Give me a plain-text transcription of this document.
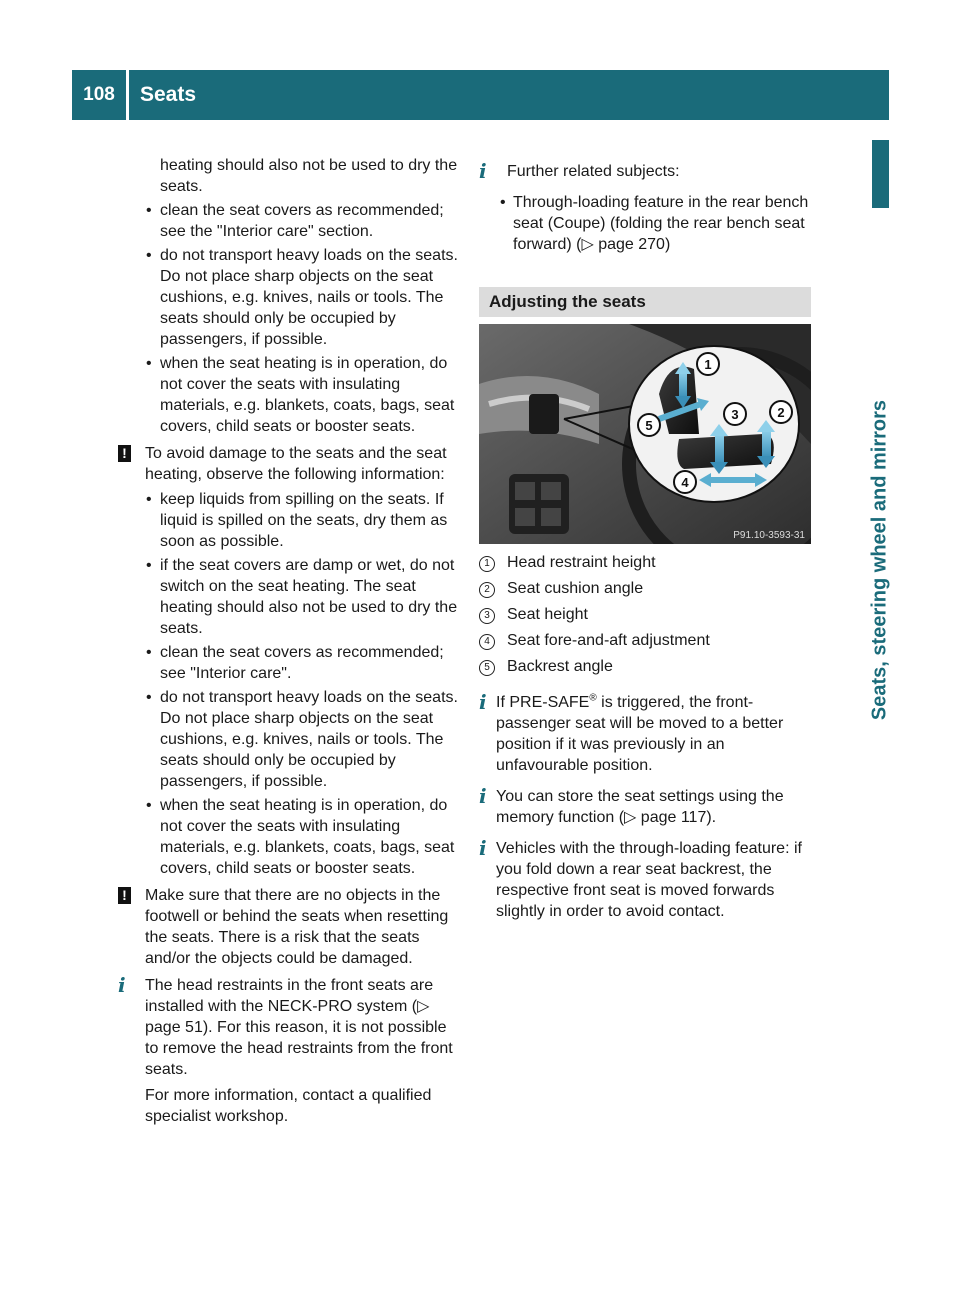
108	Seats
Seats, steering wheel and mirrors

heating should also not be used to dry the seats.

• clean the seat covers as recommended; see the "Interior care" section.
• do not transport heavy loads on the seats. Do not place sharp objects on the seat cushions, e.g. knives, nails or tools. The seats should only be occupied by passengers, if possible.
• when the seat heating is in operation, do not cover the seats with insulating materials, e.g. blankets, coats, bags, seat covers, child seats or booster seats.
! To avoid damage to the seats and the seat heating, observe the following information:

• keep liquids from spilling on the seats. If liquid is spilled on the seats, dry them as soon as possible.
• if the seat covers are damp or wet, do not switch on the seat heating. The seat heating should also not be used to dry the seats.
• clean the seat covers as recommended; see "Interior care".
• do not transport heavy loads on the seats. Do not place sharp objects on the seat cushions, e.g. knives, nails or tools. The seats should only be occupied by passengers, if possible.
• when the seat heating is in operation, do not cover the seats with insulating materials, e.g. blankets, coats, bags, seat covers, child seats or booster seats.
! Make sure that there are no objects in the footwell or behind the seats when resetting the seats. There is a risk that the seats and/or the objects could be damaged.

i	The head restraints in the front seats are installed with the NECK-PRO system (▷ page 51). For this reason, it is not possible to remove the head restraints from the front seats.

For more information, contact a qualified specialist workshop.

i	Further related subjects:

• Through-loading feature in the rear bench seat (Coupe) (folding the rear bench seat forward) (▷ page 270)
Adjusting the seats
1
2
3
4
5
P91.10-3593-31
1	Head restraint height
2	Seat cushion angle
3	Seat height
4	Seat fore-and-aft adjustment
5	Backrest angle
i If PRE-SAFE® is triggered, the front-passenger seat will be moved to a better position if it was previously in an unfavourable position.

i You can store the seat settings using the memory function (▷ page 117).

i Vehicles with the through-loading feature: if you fold down a rear seat backrest, the respective front seat is moved forwards slightly in order to avoid contact.
